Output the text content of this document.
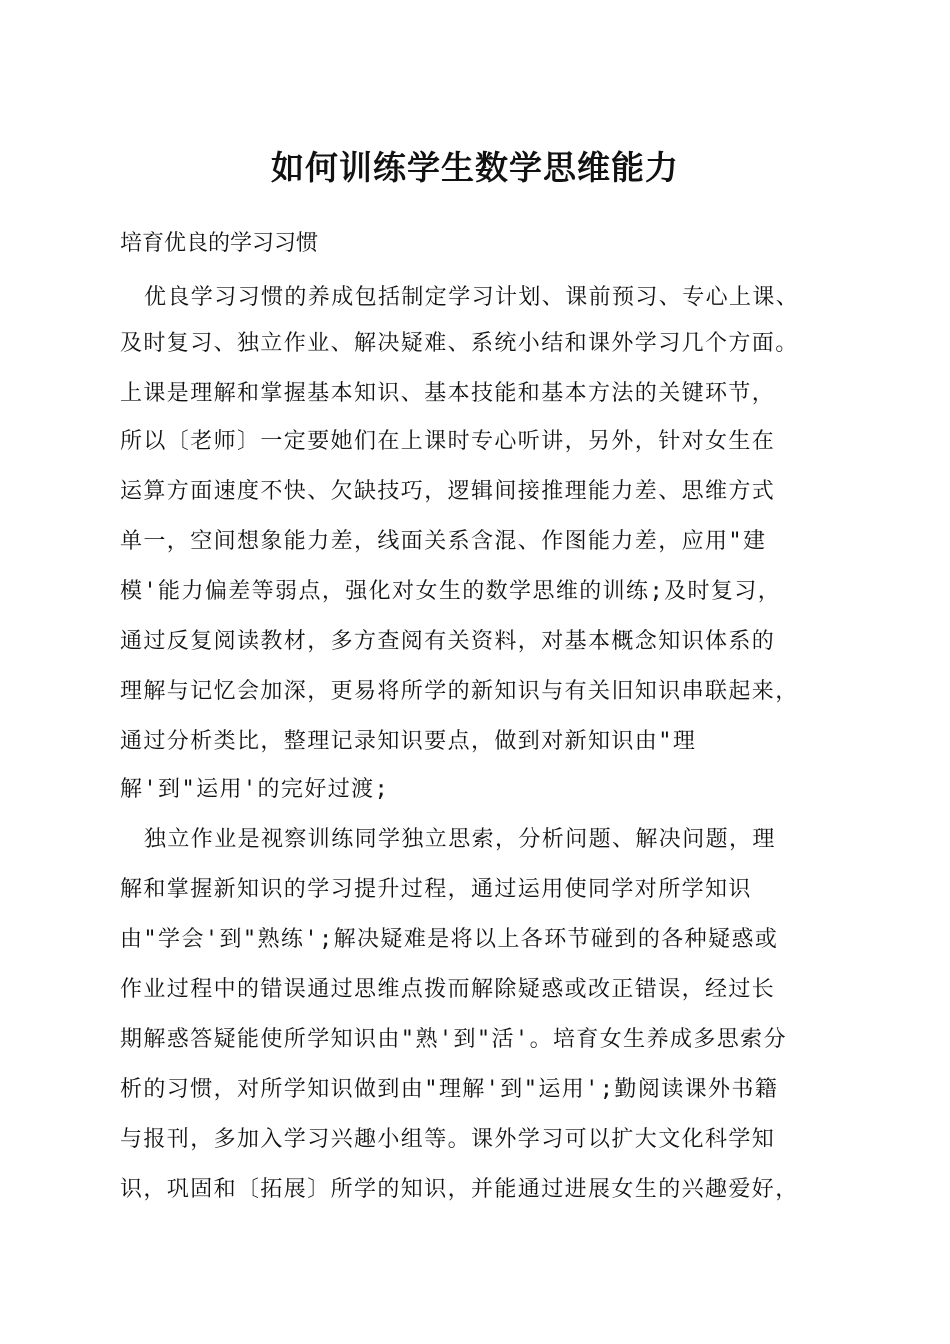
如何训练学生数学思维能力
培育优良的学习习惯
优良学习习惯的养成包括制定学习计划、课前预习、专心上课、
及时复习、独立作业、解决疑难、系统小结和课外学习几个方面。
上课是理解和掌握基本知识、基本技能和基本方法的关键环节，
所以〔老师〕一定要她们在上课时专心听讲，另外，针对女生在
运算方面速度不快、欠缺技巧，逻辑间接推理能力差、思维方式
单一，空间想象能力差，线面关系含混、作图能力差，应用"建
模'能力偏差等弱点，强化对女生的数学思维的训练;及时复习，
通过反复阅读教材，多方查阅有关资料，对基本概念知识体系的
理解与记忆会加深，更易将所学的新知识与有关旧知识串联起来，
通过分析类比，整理记录知识要点，做到对新知识由"理
解'到"运用'的完好过渡;
独立作业是视察训练同学独立思索，分析问题、解决问题，理
解和掌握新知识的学习提升过程，通过运用使同学对所学知识
由"学会'到"熟练';解决疑难是将以上各环节碰到的各种疑惑或
作业过程中的错误通过思维点拨而解除疑惑或改正错误，经过长
期解惑答疑能使所学知识由"熟'到"活'。培育女生养成多思索分
析的习惯，对所学知识做到由"理解'到"运用';勤阅读课外书籍
与报刊，多加入学习兴趣小组等。课外学习可以扩大文化科学知
识，巩固和〔拓展〕所学的知识，并能通过进展女生的兴趣爱好，
